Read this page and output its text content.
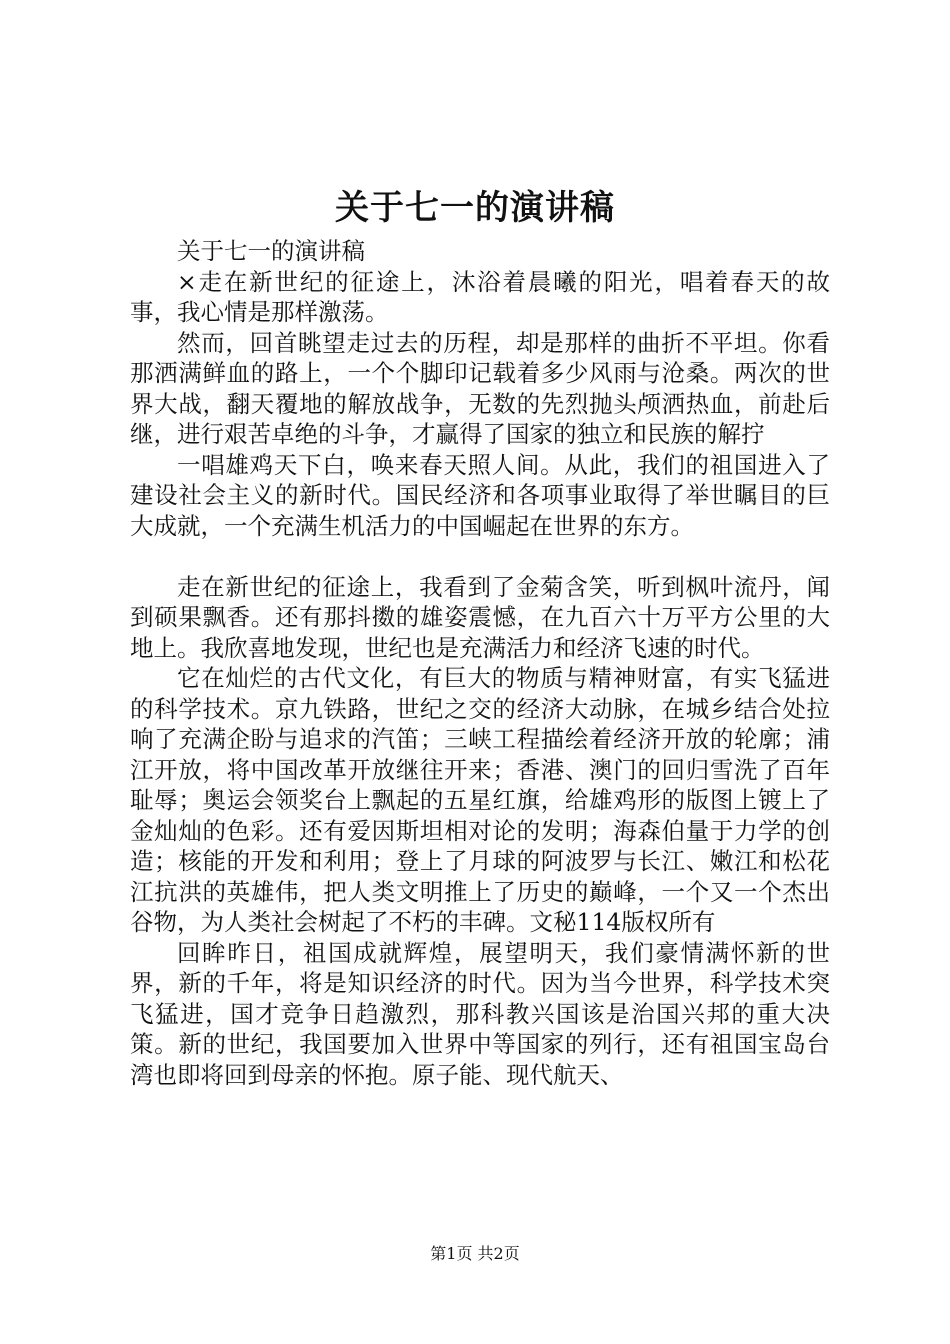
关于七一的演讲稿

关于七一的演讲稿

×走在新世纪的征途上，沐浴着晨曦的阳光，唱着春天的故事，我心情是那样激荡。

然而，回首眺望走过去的历程，却是那样的曲折不平坦。你看那洒满鲜血的路上，一个个脚印记载着多少风雨与沧桑。两次的世界大战，翻天覆地的解放战争，无数的先烈抛头颅洒热血，前赴后继，进行艰苦卓绝的斗争，才赢得了国家的独立和民族的解拧

一唱雄鸡天下白，唤来春天照人间。从此，我们的祖国进入了建设社会主义的新时代。国民经济和各项事业取得了举世瞩目的巨大成就，一个充满生机活力的中国崛起在世界的东方。

走在新世纪的征途上，我看到了金菊含笑，听到枫叶流丹，闻到硕果飘香。还有那抖擞的雄姿震憾，在九百六十万平方公里的大地上。我欣喜地发现，世纪也是充满活力和经济飞速的时代。

它在灿烂的古代文化，有巨大的物质与精神财富，有实飞猛进的科学技术。京九铁路，世纪之交的经济大动脉，在城乡结合处拉响了充满企盼与追求的汽笛；三峡工程描绘着经济开放的轮廓；浦江开放，将中国改革开放继往开来；香港、澳门的回归雪洗了百年耻辱；奥运会领奖台上飘起的五星红旗，给雄鸡形的版图上镀上了金灿灿的色彩。还有爱因斯坦相对论的发明；海森伯量于力学的创造；核能的开发和利用；登上了月球的阿波罗与长江、嫩江和松花江抗洪的英雄伟，把人类文明推上了历史的巅峰，一个又一个杰出谷物，为人类社会树起了不朽的丰碑。文秘114版权所有

回眸昨日，祖国成就辉煌，展望明天，我们豪情满怀新的世界，新的千年，将是知识经济的时代。因为当今世界，科学技术突飞猛进，国才竞争日趋激烈，那科教兴国该是治国兴邦的重大决策。新的世纪，我国要加入世界中等国家的列行，还有祖国宝岛台湾也即将回到母亲的怀抱。原子能、现代航天、

第1页 共2页
